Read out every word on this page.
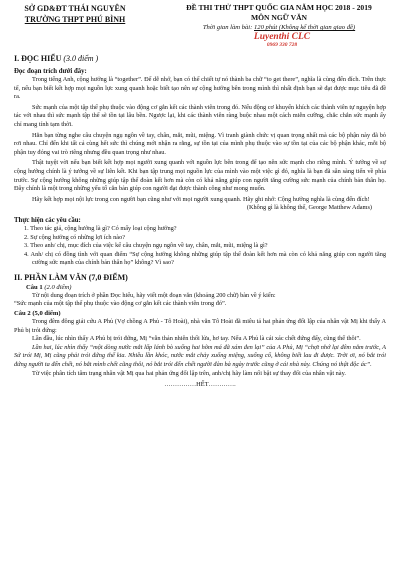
SỞ GD&ĐT THÁI NGUYÊN
TRƯỜNG THPT PHÚ BÌNH
ĐỀ THI THỬ THPT QUỐC GIA NĂM HỌC 2018 - 2019
MÔN NGỮ VĂN
Thời gian làm bài: 120 phút (Không kể thời gian giao đề)
Luyenthi CLC
0969 330 728
I. ĐỌC HIỂU (3.0 điểm )
Đọc đoạn trích dưới đây:

Trong tiếng Anh, cộng hưởng là “together”. Để dễ nhớ, bạn có thể chiết tự nó thành ba chữ “to get there”, nghĩa là cùng đến đích. Trên thực tế, nếu bạn biết kết hợp mọi nguồn lực xung quanh hoặc biết tạo nên sự cộng hưởng bên trong mình thì nhất định bạn sẽ đạt được mục tiêu đã đề ra.

Sức mạnh của một tập thể phụ thuộc vào động cơ gắn kết các thành viên trong đó. Nếu động cơ khuyến khích các thành viên tự nguyện hợp tác với nhau thì sức mạnh tập thể sẽ tồn tại lâu bền. Ngược lại, khi các thành viên ràng buộc nhau một cách miễn cưỡng, chắc chắn sức mạnh ấy chỉ mang tính tạm thời.

Hẳn bạn từng nghe câu chuyện ngụ ngôn về tay, chân, mắt, mũi, miệng. Vì tranh giành chức vị quan trọng nhất mà các bộ phận này đã bỏ rơi nhau. Chỉ đến khi tất cả cùng hết sức thì chúng mới nhận ra rằng, sự tồn tại của mình phụ thuộc vào sự tồn tại của các bộ phận khác, mỗi bộ phận tuy đóng vai trò riêng nhưng đều quan trọng như nhau.

Thật tuyệt vời nếu bạn biết kết hợp mọi người xung quanh với nguồn lực bên trong để tạo nên sức mạnh cho riêng mình. Ý tưởng về sự cộng hưởng chính là ý tưởng về sự liên kết. Khi bạn tập trung mọi nguồn lực của mình vào một việc gì đó, nghĩa là bạn đã sẵn sàng tiến về phía trước. Sự cộng hưởng không những giúp tập thể đoàn kết hơn mà còn có khả năng giúp con người tăng cường sức mạnh của chính bản thân họ. Đây chính là một trong những yếu tố căn bản giúp con người đạt được thành công như mong muốn.

Hãy kết hợp mọi nội lực trong con người bạn cũng như với mọi người xung quanh. Hãy ghi nhớ: Cộng hưởng nghĩa là cùng đến đích!

(Không gì là không thể, George Matthew Adams)

Thực hiện các yêu cầu:
1. Theo tác giả, cộng hưởng là gì? Có mấy loại cộng hưởng?
2. Sự cộng hưởng có những lợi ích nào?
3. Theo anh/ chị, mục đích của việc kể câu chuyện ngụ ngôn về tay, chân, mắt, mũi, miệng là gì?
4. Anh/ chị có đồng tình với quan điểm “Sự cộng hưởng không những giúp tập thể đoàn kết hơn mà còn có khả năng giúp con người tăng cường sức mạnh của chính bản thân họ” không? Vì sao?
II. PHẦN LÀM VĂN (7,0 ĐIỂM)
Câu 1 (2.0 điểm)

Từ nội dung đoạn trích ở phần Đọc hiểu, hãy viết một đoạn văn (khoảng 200 chữ) bàn về ý kiến:

“Sức mạnh của một tập thể phụ thuộc vào động cơ gắn kết các thành viên trong đó”.

Câu 2 (5,0 điểm)

Trong đêm đông giải cứu A Phủ (Vợ chồng A Phủ - Tô Hoài), nhà văn Tô Hoài đã miêu tả hai phản ứng đối lập của nhân vật Mị khi thấy A Phủ bị trói đứng:

Lần đầu, lúc nhìn thấy A Phủ bị trói đứng, Mị “vẫn thản nhiên thổi lửa, hơ tay. Nếu A Phủ là cái xác chết đứng đấy, cũng thế thôi”.

Lần hai, lúc nhìn thấy “một dòng nước mắt lấp lánh bò xuống hai hõm má đã xám đen lại” của A Phủ, Mị “chợt nhớ lại đêm năm trước, A Sử trói Mị, Mị cũng phải trói đứng thế kia. Nhiều lần khóc, nước mắt chảy xuống miệng, xuống cổ, không biết lau đi được. Trời ơi, nó bắt trói đứng người ta đến chết, nó bắt mình chết cũng thôi, nó bắt trói đến chết người đàn bà ngày trước cũng ở cái nhà này. Chúng nó thật độc ác”.

Từ việc phân tích tâm trạng nhân vật Mị qua hai phản ứng đối lập trên, anh/chị hãy làm nổi bật sự thay đổi của nhân vật này.

……………HẾT………….
